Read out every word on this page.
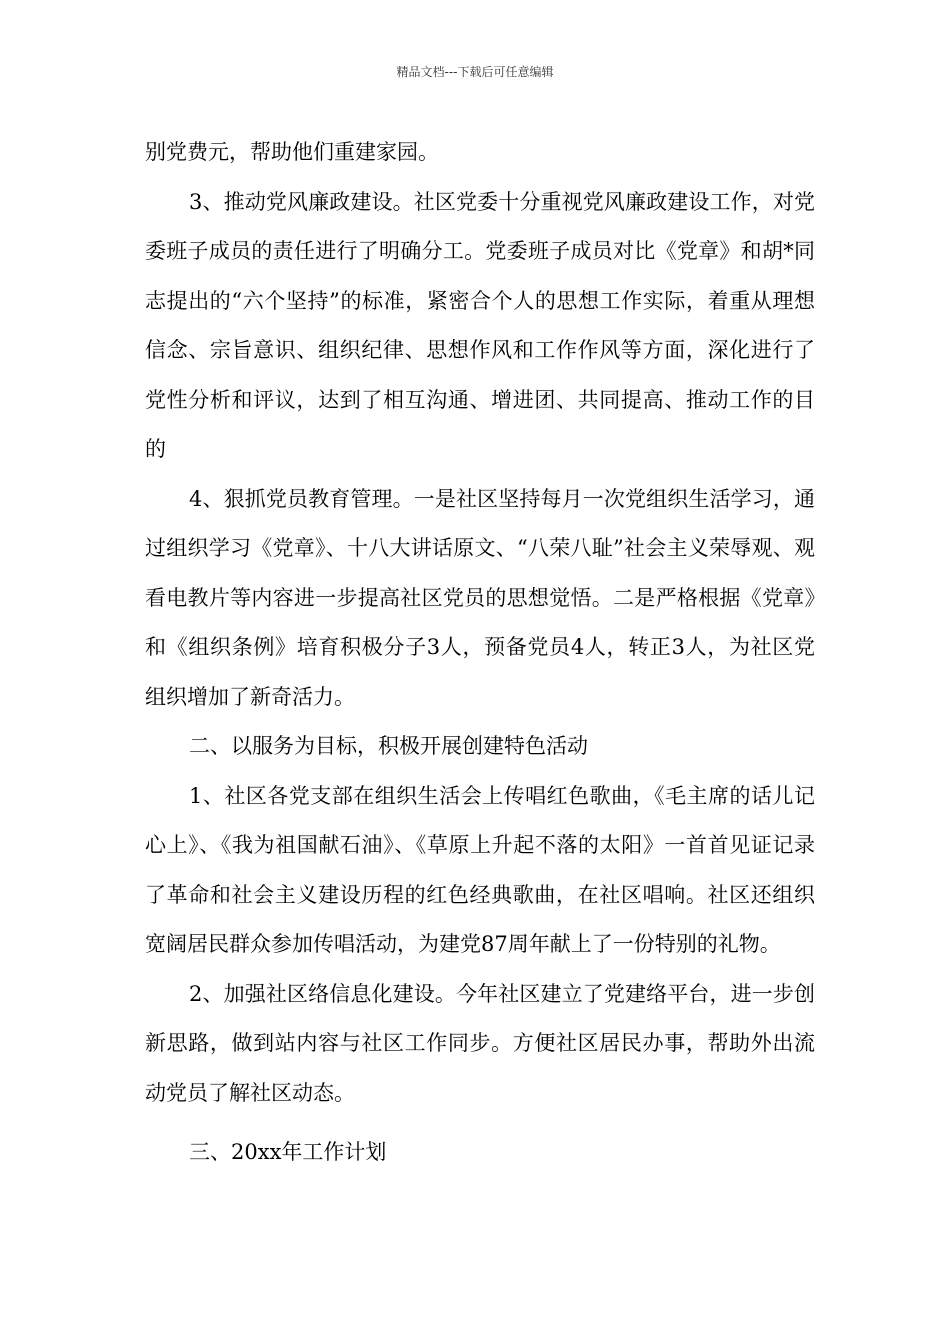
精品文档---下载后可任意编辑

别党费元，帮助他们重建家园。

3、推动党风廉政建设。社区党委十分重视党风廉政建设工作，对党委班子成员的责任进行了明确分工。党委班子成员对比《党章》和胡*同志提出的“六个坚持”的标准，紧密合个人的思想工作实际，着重从理想信念、宗旨意识、组织纪律、思想作风和工作作风等方面，深化进行了党性分析和评议，达到了相互沟通、增进团、共同提高、推动工作的目的

4、狠抓党员教育管理。一是社区坚持每月一次党组织生活学习，通过组织学习《党章》、十八大讲话原文、“八荣八耻”社会主义荣辱观、观看电教片等内容进一步提高社区党员的思想觉悟。二是严格根据《党章》和《组织条例》培育积极分子3人，预备党员4人，转正3人，为社区党组织增加了新奇活力。

二、以服务为目标，积极开展创建特色活动

1、社区各党支部在组织生活会上传唱红色歌曲，《毛主席的话儿记心上》、《我为祖国献石油》、《草原上升起不落的太阳》一首首见证记录了革命和社会主义建设历程的红色经典歌曲，在社区唱响。社区还组织宽阔居民群众参加传唱活动，为建党87周年献上了一份特别的礼物。

2、加强社区络信息化建设。今年社区建立了党建络平台，进一步创新思路，做到站内容与社区工作同步。方便社区居民办事，帮助外出流动党员了解社区动态。

三、20xx年工作计划
